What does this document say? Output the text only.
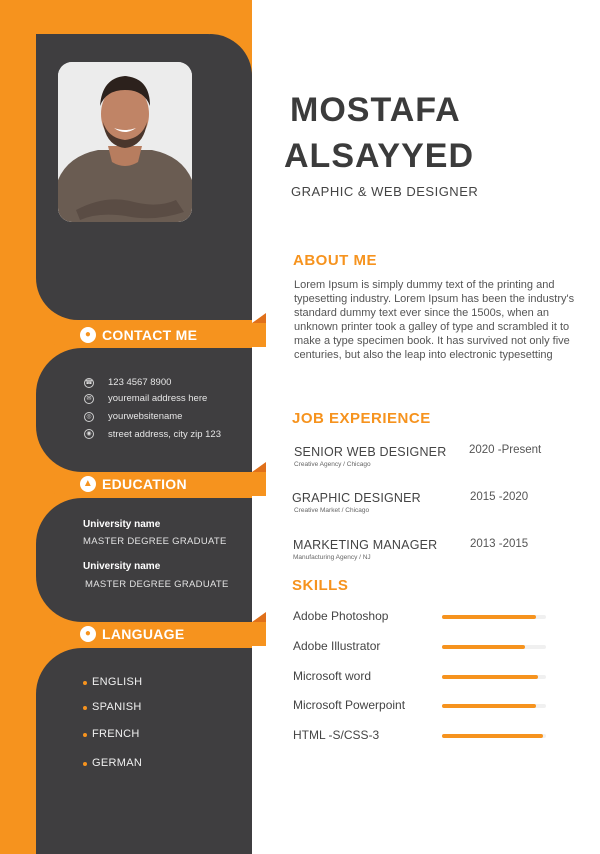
MOSTAFA
ALSAYYED
GRAPHIC & WEB DESIGNER
ABOUT ME
Lorem Ipsum is simply dummy text of the printing and typesetting industry. Lorem Ipsum has been the industry's standard dummy text ever since the 1500s, when an unknown printer took a galley of type and scrambled it to make a type specimen book. It has survived not only five centuries, but also the leap into electronic typesetting
● CONTACT ME
☎ 123 4567 8900
✉ youremail address here
◎ yourwebsitename
◉ street address, city zip 123
▲ EDUCATION
University name
MASTER DEGREE GRADUATE
University name
MASTER DEGREE GRADUATE
● LANGUAGE
ENGLISH
SPANISH
FRENCH
GERMAN
JOB EXPERIENCE
SENIOR WEB DESIGNER
Creative Agency / Chicago
2020 -Present
GRAPHIC DESIGNER
Creative Market / Chicago
2015 -2020
MARKETING MANAGER
Manufacturing Agency / NJ
2013 -2015
SKILLS
Adobe Photoshop
Adobe Illustrator
Microsoft word
Microsoft Powerpoint
HTML -S/CSS-3
